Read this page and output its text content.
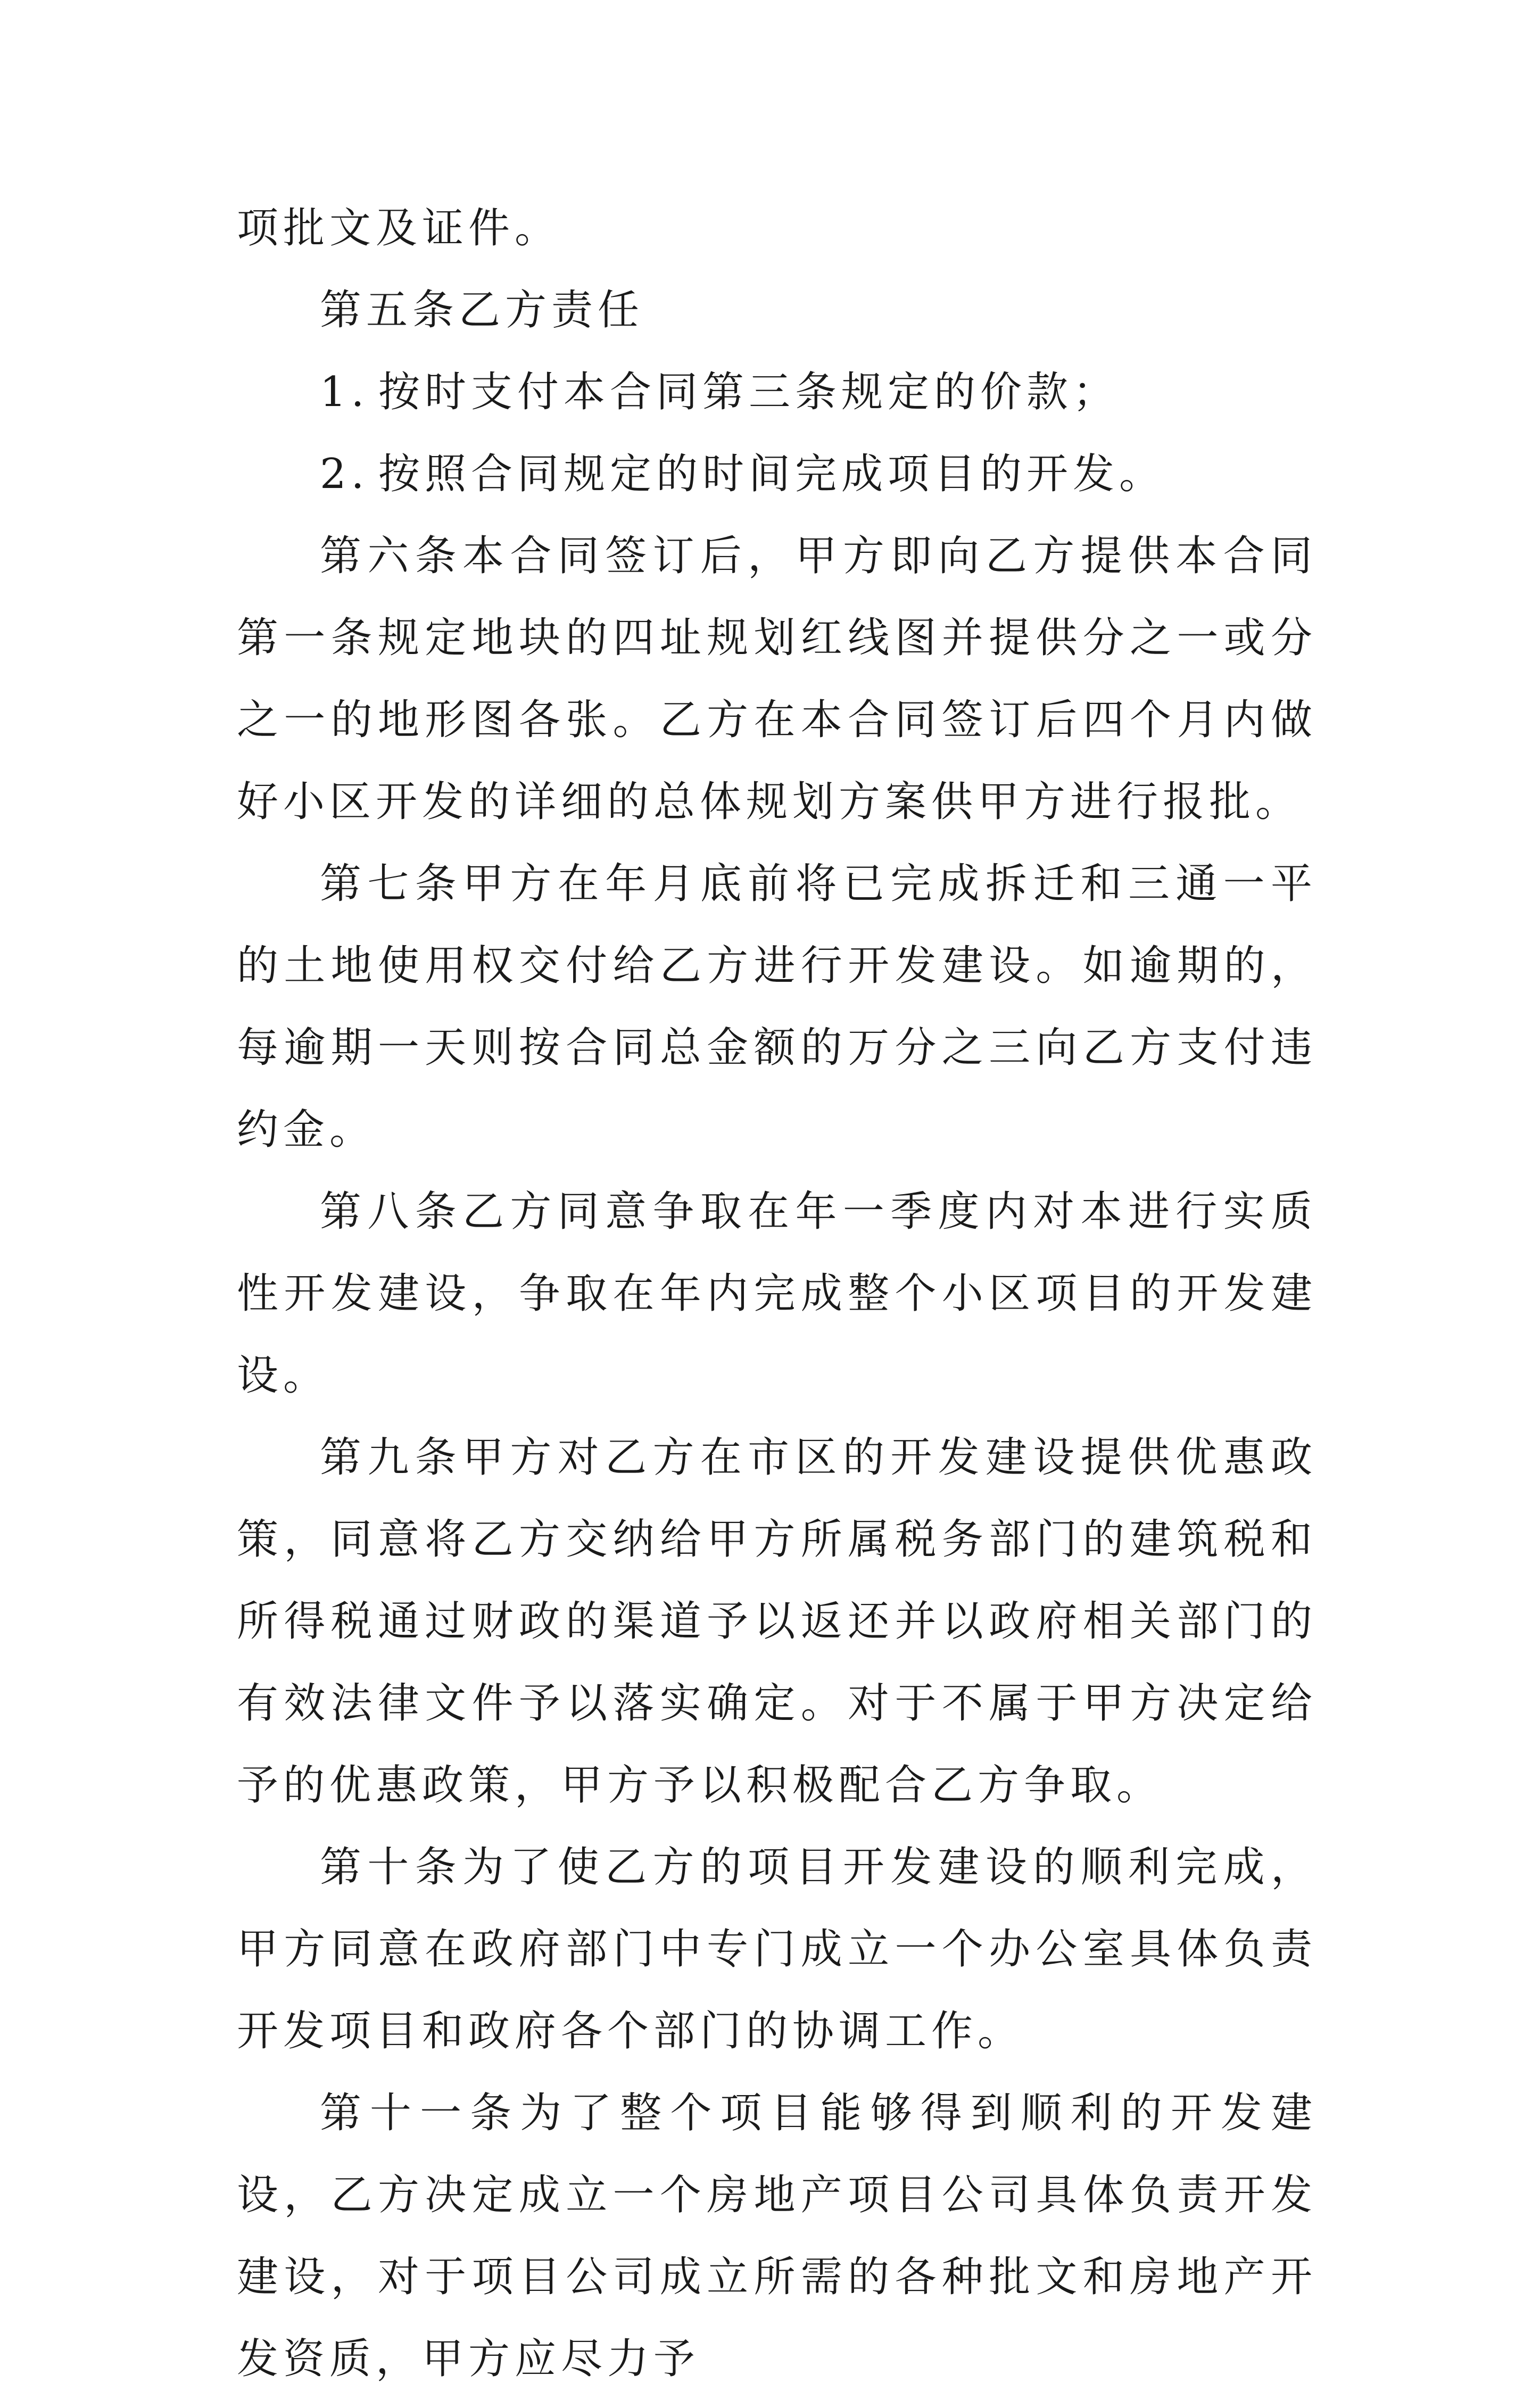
项批文及证件。

第五条乙方责任

1. 按时支付本合同第三条规定的价款；

2. 按照合同规定的时间完成项目的开发。

第六条本合同签订后，甲方即向乙方提供本合同第一条规定地块的四址规划红线图并提供分之一或分之一的地形图各张。乙方在本合同签订后四个月内做好小区开发的详细的总体规划方案供甲方进行报批。

第七条甲方在年月底前将已完成拆迁和三通一平的土地使用权交付给乙方进行开发建设。如逾期的，每逾期一天则按合同总金额的万分之三向乙方支付违约金。

第八条乙方同意争取在年一季度内对本进行实质性开发建设，争取在年内完成整个小区项目的开发建设。

第九条甲方对乙方在市区的开发建设提供优惠政策，同意将乙方交纳给甲方所属税务部门的建筑税和所得税通过财政的渠道予以返还并以政府相关部门的有效法律文件予以落实确定。对于不属于甲方决定给予的优惠政策，甲方予以积极配合乙方争取。

第十条为了使乙方的项目开发建设的顺利完成，甲方同意在政府部门中专门成立一个办公室具体负责开发项目和政府各个部门的协调工作。

第十一条为了整个项目能够得到顺利的开发建设，乙方决定成立一个房地产项目公司具体负责开发建设，对于项目公司成立所需的各种批文和房地产开发资质，甲方应尽力予
